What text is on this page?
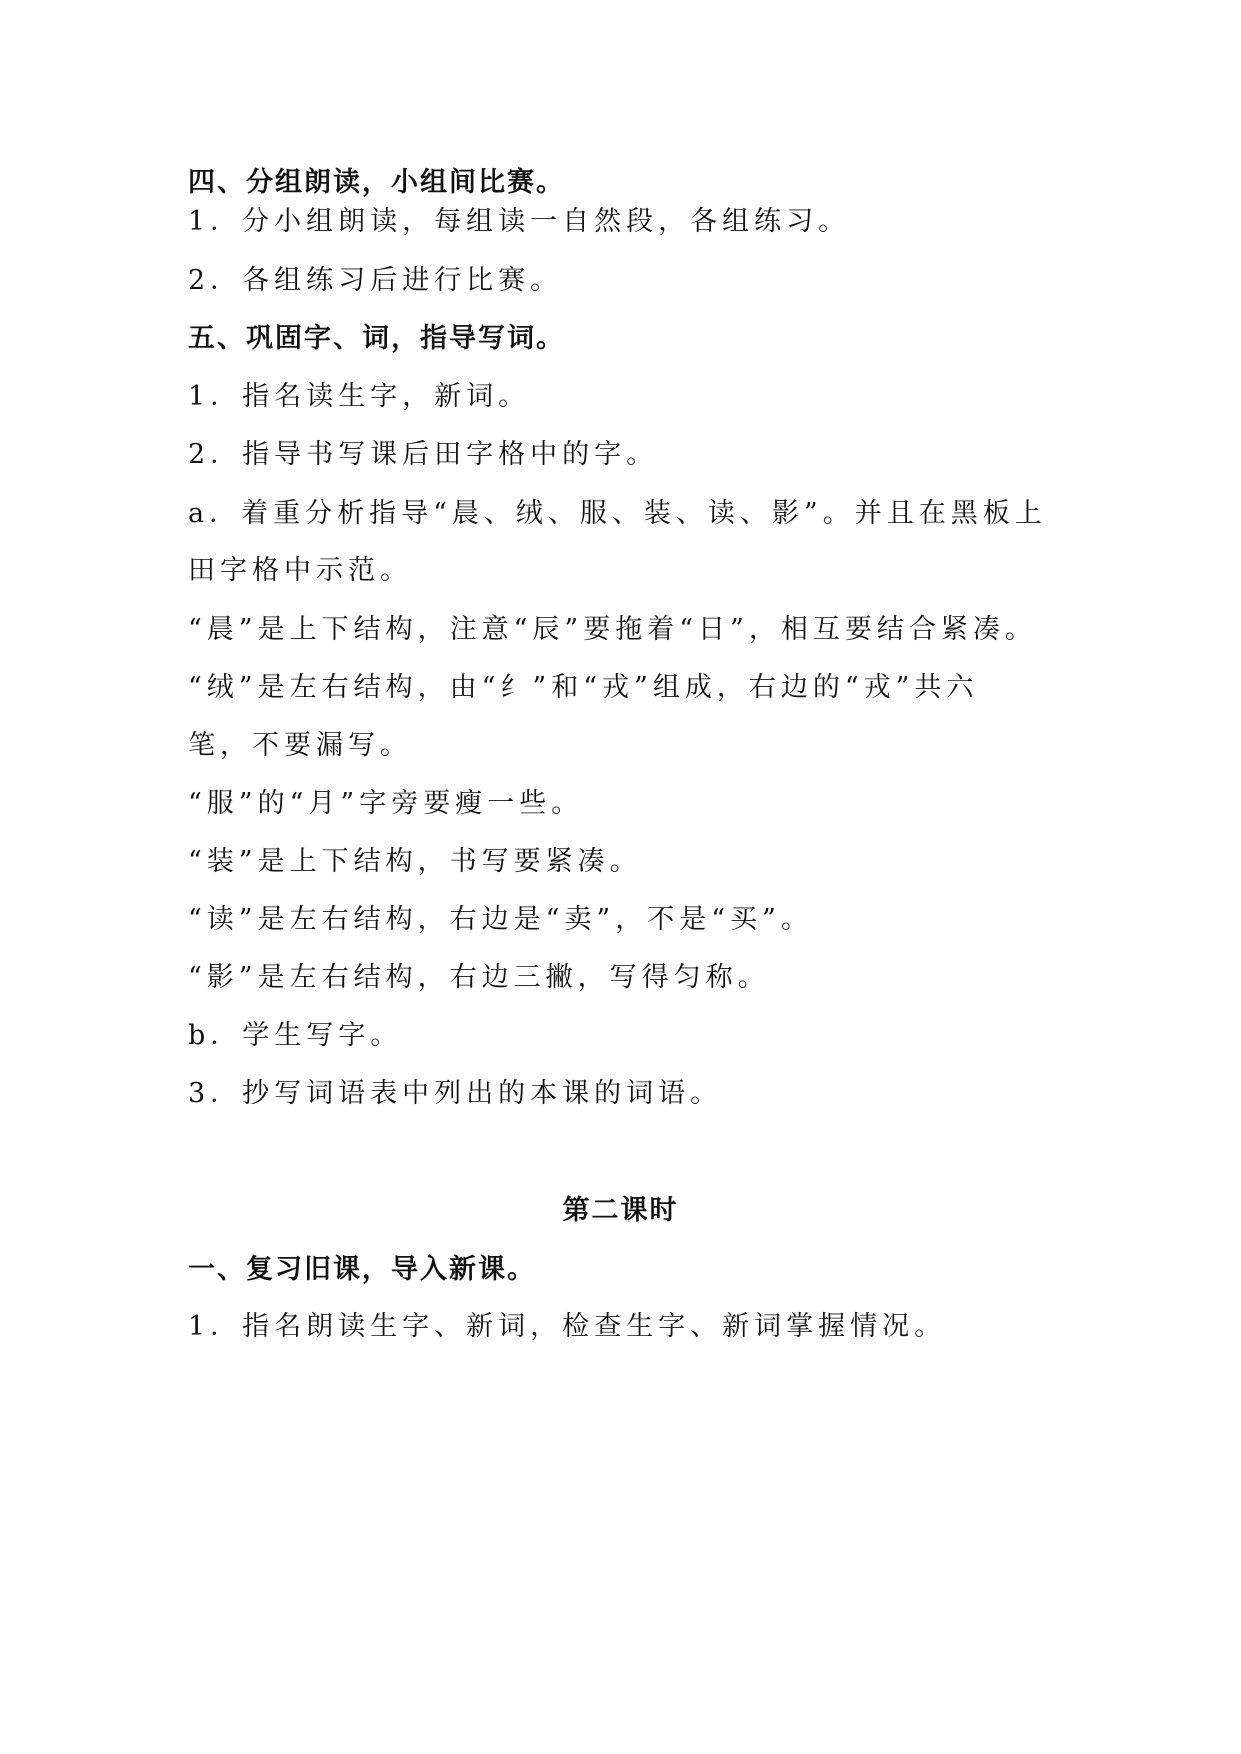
四、分组朗读，小组间比赛。
1．分小组朗读，每组读一自然段，各组练习。
2．各组练习后进行比赛。
五、巩固字、词，指导写词。
1．指名读生字，新词。
2．指导书写课后田字格中的字。
a．着重分析指导“晨、绒、服、装、读、影”。并且在黑板上
田字格中示范。
“晨”是上下结构，注意“辰”要拖着“日”，相互要结合紧凑。
“绒”是左右结构，由“纟”和“戎”组成，右边的“戎”共六
笔，不要漏写。
“服”的“月”字旁要瘦一些。
“装”是上下结构，书写要紧凑。
“读”是左右结构，右边是“卖”，不是“买”。
“影”是左右结构，右边三撇，写得匀称。
b．学生写字。
3．抄写词语表中列出的本课的词语。
第二课时
一、复习旧课，导入新课。
1．指名朗读生字、新词，检查生字、新词掌握情况。
